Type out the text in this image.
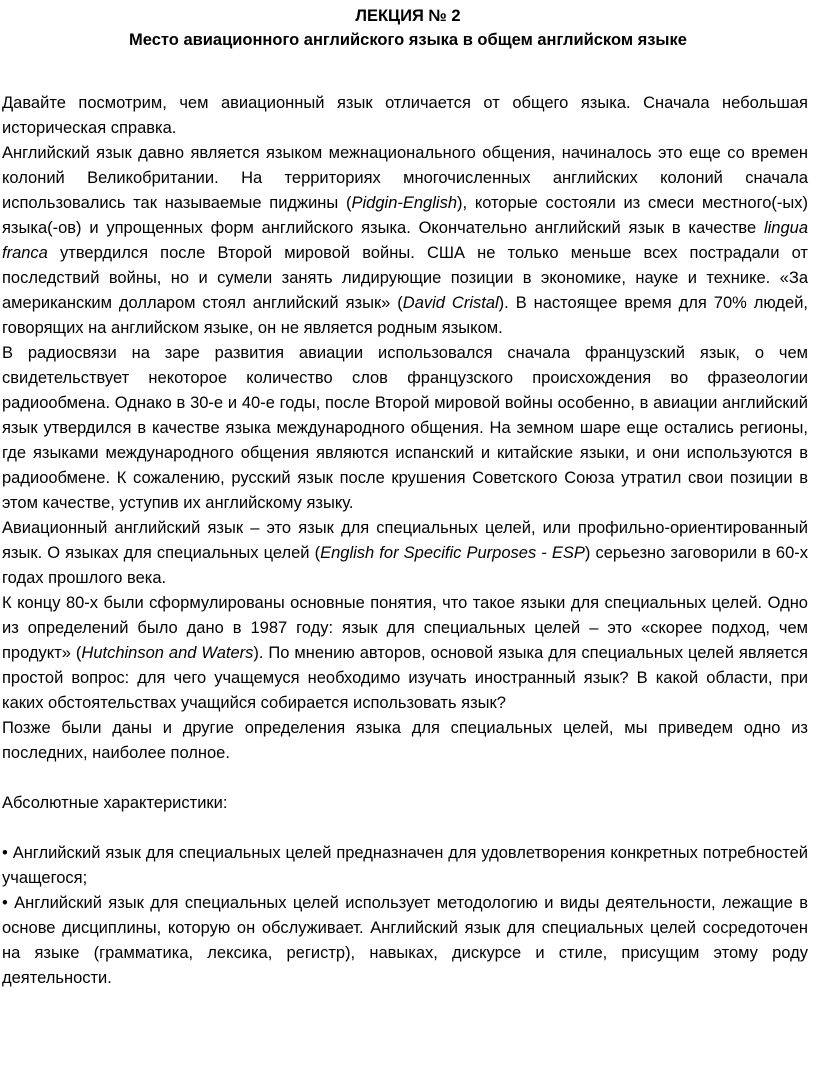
ЛЕКЦИЯ № 2
Место авиационного английского языка в общем английском языке

Давайте посмотрим, чем авиационный язык отличается от общего языка. Сначала небольшая историческая справка.

Английский язык давно является языком межнационального общения, начиналось это еще со времен колоний Великобритании. На территориях многочисленных английских колоний сначала использовались так называемые пиджины (Pidgin-English), которые состояли из смеси местного(-ых) языка(-ов) и упрощенных форм английского языка. Окончательно английский язык в качестве lingua franca утвердился после Второй мировой войны. США не только меньше всех пострадали от последствий войны, но и сумели занять лидирующие позиции в экономике, науке и технике. «За американским долларом стоял английский язык» (David Cristal). В настоящее время для 70% людей, говорящих на английском языке, он не является родным языком.

В радиосвязи на заре развития авиации использовался сначала французский язык, о чем свидетельствует некоторое количество слов французского происхождения во фразеологии радиообмена. Однако в 30-е и 40-е годы, после Второй мировой войны особенно, в авиации английский язык утвердился в качестве языка международного общения. На земном шаре еще остались регионы, где языками международного общения являются испанский и китайские языки, и они используются в радиообмене. К сожалению, русский язык после крушения Советского Союза утратил свои позиции в этом качестве, уступив их английскому языку.

Авиационный английский язык – это язык для специальных целей, или профильно-ориентированный язык. О языках для специальных целей (English for Specific Purposes - ESP) серьезно заговорили в 60-х годах прошлого века.

К концу 80-х были сформулированы основные понятия, что такое языки для специальных целей. Одно из определений было дано в 1987 году: язык для специальных целей – это «скорее подход, чем продукт» (Hutchinson and Waters). По мнению авторов, основой языка для специальных целей является простой вопрос: для чего учащемуся необходимо изучать иностранный язык? В какой области, при каких обстоятельствах учащийся собирается использовать язык?

Позже были даны и другие определения языка для специальных целей, мы приведем одно из последних, наиболее полное.

Абсолютные характеристики:

• Английский язык для специальных целей предназначен для удовлетворения конкретных потребностей учащегося;

• Английский язык для специальных целей использует методологию и виды деятельности, лежащие в основе дисциплины, которую он обслуживает. Английский язык для специальных целей сосредоточен на языке (грамматика, лексика, регистр), навыках, дискурсе и стиле, присущим этому роду деятельности.
